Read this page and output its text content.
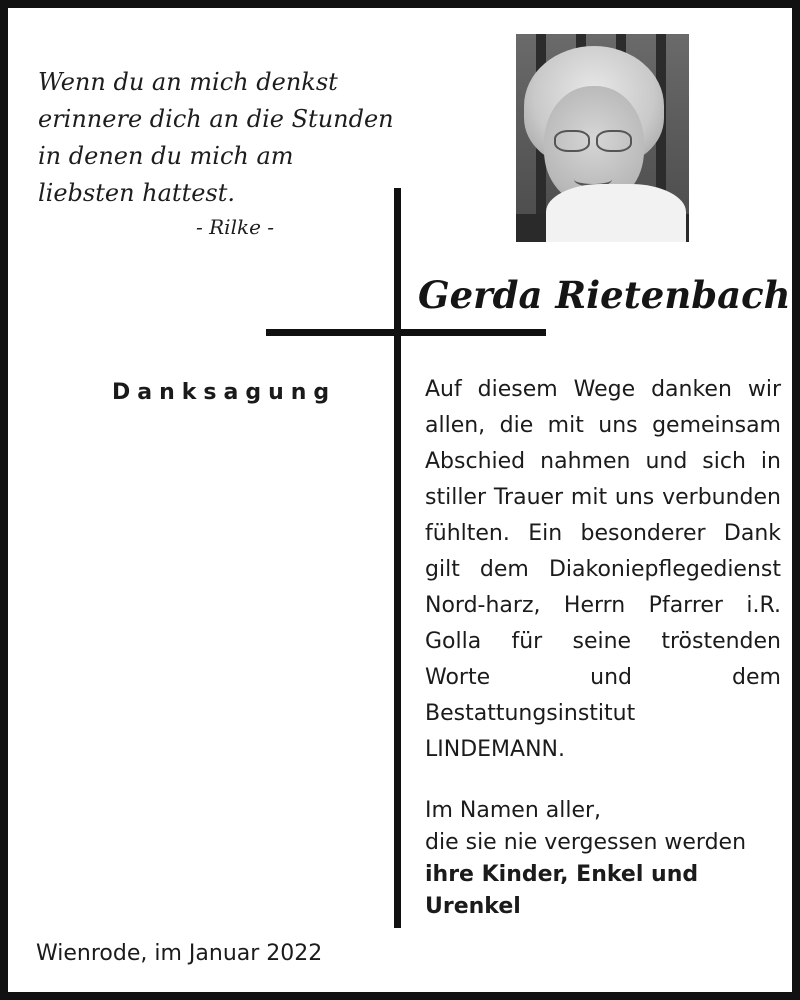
Wenn du an mich denkst
erinnere dich an die Stunden
in denen du mich am
liebsten hattest.
- Rilke -
Gerda Rietenbach
Danksagung	Auf diesem Wege danken wir allen, die mit uns gemeinsam Abschied nahmen und sich in stiller Trauer mit uns verbunden fühlten. Ein besonderer Dank gilt dem Diakoniepflegedienst Nord-harz, Herrn Pfarrer i.R. Golla für seine tröstenden Worte und dem Bestattungsinstitut LINDEMANN.

Im Namen aller,
die sie nie vergessen werden
ihre Kinder, Enkel und
Urenkel

Wienrode, im Januar 2022
